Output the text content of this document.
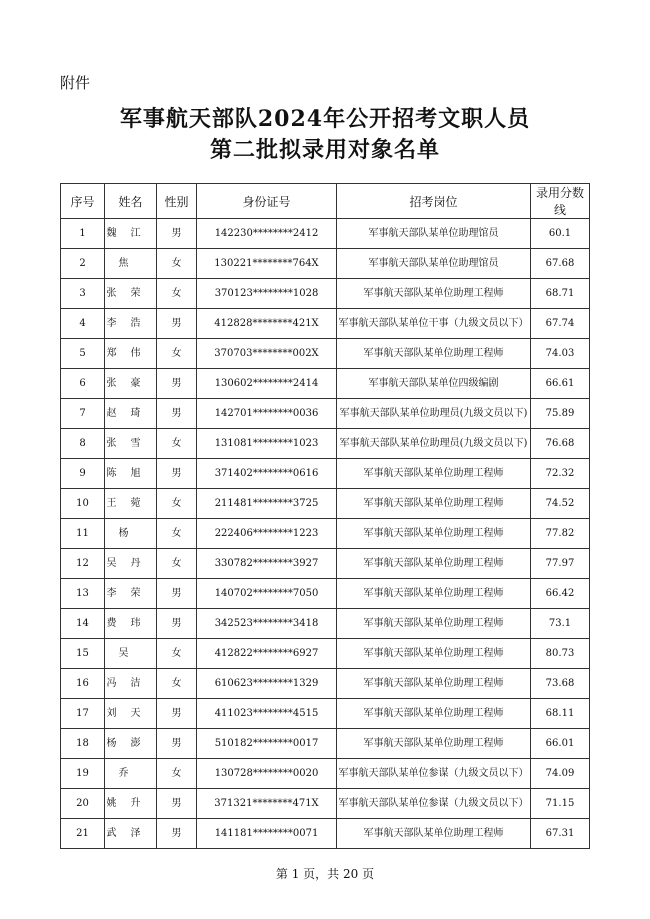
附件
军事航天部队2024年公开招考文职人员
第二批拟录用对象名单
序号	姓名	性别	身份证号	招考岗位	录用分数线
1	魏江	男	142230********2412	军事航天部队某单位助理馆员	60.1
2	焦	女	130221********764X	军事航天部队某单位助理馆员	67.68
3	张荣	女	370123********1028	军事航天部队某单位助理工程师	68.71
4	李浩	男	412828********421X	军事航天部队某单位干事（九级文员以下）	67.74
5	郑伟	女	370703********002X	军事航天部队某单位助理工程师	74.03
6	张豪	男	130602********2414	军事航天部队某单位四级编剧	66.61
7	赵琦	男	142701********0036	军事航天部队某单位助理员(九级文员以下)	75.89
8	张雪	女	131081********1023	军事航天部队某单位助理员(九级文员以下)	76.68
9	陈旭	男	371402********0616	军事航天部队某单位助理工程师	72.32
10	王菀	女	211481********3725	军事航天部队某单位助理工程师	74.52
11	杨	女	222406********1223	军事航天部队某单位助理工程师	77.82
12	吴丹	女	330782********3927	军事航天部队某单位助理工程师	77.97
13	李荣	男	140702********7050	军事航天部队某单位助理工程师	66.42
14	费玮	男	342523********3418	军事航天部队某单位助理工程师	73.1
15	吴	女	412822********6927	军事航天部队某单位助理工程师	80.73
16	冯洁	女	610623********1329	军事航天部队某单位助理工程师	73.68
17	刘天	男	411023********4515	军事航天部队某单位助理工程师	68.11
18	杨澎	男	510182********0017	军事航天部队某单位助理工程师	66.01
19	乔	女	130728********0020	军事航天部队某单位参谋（九级文员以下）	74.09
20	姚升	男	371321********471X	军事航天部队某单位参谋（九级文员以下）	71.15
21	武泽	男	141181********0071	军事航天部队某单位助理工程师	67.31
第 1 页，共 20 页
